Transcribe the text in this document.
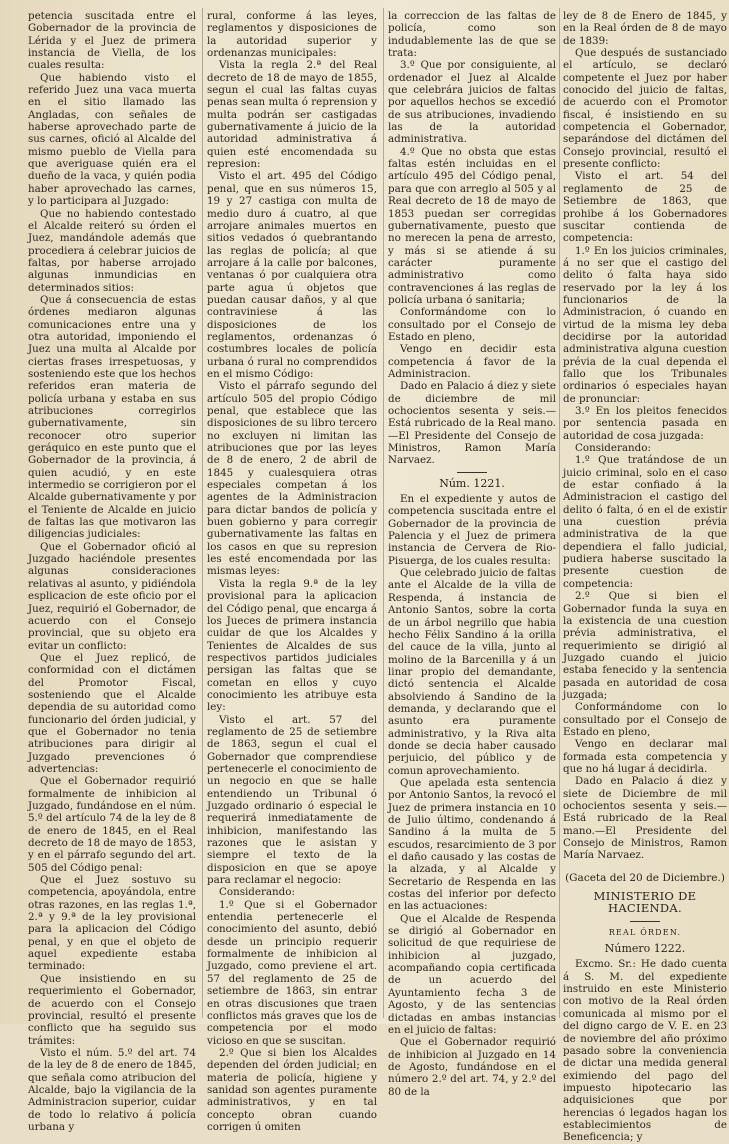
petencia suscitada entre el Gobernador de la provincia de Lérida y el Juez de primera instancia de Viella, de los cuales resulta:

Que habiendo visto el referido Juez una vaca muerta en el sitio llamado las Angladas, con señales de haberse aprovechado parte de sus carnes, ofició al Alcalde del mismo pueblo de Viella para que averiguase quién era el dueño de la vaca, y quién podia haber aprovechado las carnes, y lo participara al Juzgado:

Que no habiendo contestado el Alcalde reiteró su órden el Juez, mandándole además que procediera á celebrar juicios de faltas, por haberse arrojado algunas inmundicias en determinados sitios:

Que á consecuencia de estas órdenes mediaron algunas comunicaciones entre una y otra autoridad, imponiendo el Juez una multa al Alcalde por ciertas frases irrespetuosas, y sosteniendo este que los hechos referidos eran materia de policía urbana y estaba en sus atribuciones corregirlos gubernativamente, sin reconocer otro superior geráquico en este punto que el Gobernador de la provincia, á quien acudió, y en este intermedio se corrigieron por el Alcalde gubernativamente y por el Teniente de Alcalde en juicio de faltas las que motivaron las diligencias judiciales:

Que el Gobernador ofició al Juzgado haciéndole presentes algunas consideraciones relativas al asunto, y pidiéndola esplicacion de este oficio por el Juez, requirió el Gobernador, de acuerdo con el Consejo provincial, que su objeto era evitar un conflicto:

Que el Juez replicó, de conformidad con el dictámen del Promotor Fiscal, sosteniendo que el Alcalde dependia de su autoridad como funcionario del órden judicial, y que el Gobernador no tenia atribuciones para dirigir al Juzgado prevenciones ó advertencias:

Que el Gobernador requirió formalmente de inhibicion al Juzgado, fundándose en el núm. 5.º del artículo 74 de la ley de 8 de enero de 1845, en el Real decreto de 18 de mayo de 1853, y en el párrafo segundo del art. 505 del Código penal:

Que el Juez sostuvo su competencia, apoyándola, entre otras razones, en las reglas 1.ª, 2.ª y 9.ª de la ley provisional para la aplicacion del Código penal, y en que el objeto de aquel expediente estaba terminado:

Que insistiendo en su requerimiento el Gobernador, de acuerdo con el Consejo provincial, resultó el presente conflicto que ha seguido sus trámites:

Visto el núm. 5.º del art. 74 de la ley de 8 de enero de 1845, que señala como atribucion del Alcalde, bajo la vigilancia de la Administracion superior, cuidar de todo lo relativo á policía urbana y

rural, conforme á las leyes, reglamentos y disposiciones de la autoridad superior y ordenanzas municipales:

Vista la regla 2.ª del Real decreto de 18 de mayo de 1855, segun el cual las faltas cuyas penas sean multa ó reprension y multa podrán ser castigadas gubernativamente á juicio de la autoridad administrativa á quien esté encomendada su represion:

Visto el art. 495 del Código penal, que en sus números 15, 19 y 27 castiga con multa de medio duro á cuatro, al que arrojare animales muertos en sitios vedados ó quebrantando las reglas de policía; al que arrojare á la calle por balcones, ventanas ó por cualquiera otra parte agua ú objetos que puedan causar daños, y al que contraviniese á las disposiciones de los reglamentos, ordenanzas ó costumbres locales de policía urbana ó rural no comprendidos en el mismo Código:

Visto el párrafo segundo del artículo 505 del propio Código penal, que establece que las disposiciones de su libro tercero no excluyen ni limitan las atribuciones que por las leyes de 8 de enero, 2 de abril de 1845 y cualesquiera otras especiales competan á los agentes de la Administracion para dictar bandos de policía y buen gobierno y para corregir gubernativamente las faltas en los casos en que su represion les esté encomendada por las mismas leyes:

Vista la regla 9.ª de la ley provisional para la aplicacion del Código penal, que encarga á los Jueces de primera instancia cuidar de que los Alcaldes y Tenientes de Alcaldes de sus respectivos partidos judiciales persigan las faltas que se cometan en ellos y cuyo conocimiento les atribuye esta ley:

Visto el art. 57 del reglamento de 25 de setiembre de 1863, segun el cual el Gobernador que comprendiese pertenecerle el conocimiento de un negocio en que se halle entendiendo un Tribunal ó Juzgado ordinario ó especial le requerirá inmediatamente de inhibicion, manifestando las razones que le asistan y siempre el texto de la disposicion en que se apoye para reclamar el negocio:

Considerando:

1.º Que si el Gobernador entendia pertenecerle el conocimiento del asunto, debió desde un principio requerir formalmente de inhibicion al Juzgado, como previene el art. 57 del reglamento de 25 de setiembre de 1863, sin entrar en otras discusiones que traen conflictos más graves que los de competencia por el modo vicioso en que se suscitan.

2.º Que si bien los Alcaldes dependen del órden judicial; en materia de policía, higiene y sanidad son agentes puramente administrativos, y en tal concepto obran cuando corrigen ú omiten

la correccion de las faltas de policía, como son indudablemente las de que se trata:

3.º Que por consiguiente, al ordenador el Juez al Alcalde que celebrára juicios de faltas por aquellos hechos se excedió de sus atribuciones, invadiendo las de la autoridad administrativa.

4.º Que no obsta que estas faltas estén incluidas en el artículo 495 del Código penal, para que con arreglo al 505 y al Real decreto de 18 de mayo de 1853 puedan ser corregidas gubernativamente, puesto que no merecen la pena de arresto, y más si se atiende á su carácter puramente administrativo como contravenciones á las reglas de policía urbana ó sanitaria;

Conformándome con lo consultado por el Consejo de Estado en pleno,

Vengo en decidir esta competencia á favor de la Administracion.

Dado en Palacio á diez y siete de diciembre de mil ochocientos sesenta y seis.—Está rubricado de la Real mano.—El Presidente del Consejo de Ministros, Ramon María Narvaez.

Núm. 1221.

En el expediente y autos de competencia suscitada entre el Gobernador de la provincia de Palencia y el Juez de primera instancia de Cervera de Rio-Pisuerga, de los cuales resulta:

Que celebrado juicio de faltas ante el Alcalde de la villa de Respenda, á instancia de Antonio Santos, sobre la corta de un árbol negrillo que habia hecho Félix Sandino á la orilla del cauce de la villa, junto al molino de la Barcenilla y á un linar propio del demandante, dictó sentencia el Alcalde absolviendo á Sandino de la demanda, y declarando que el asunto era puramente administrativo, y la Riva alta donde se decia haber causado perjuicio, del público y de comun aprovechamiento.

Que apelada esta sentencia por Antonio Santos, la revocó el Juez de primera instancia en 10 de Julio último, condenando á Sandino á la multa de 5 escudos, resarcimiento de 3 por el daño causado y las costas de la alzada, y al Alcalde y Secretario de Respenda en las costas del inferior por defecto en las actuaciones:

Que el Alcalde de Respenda se dirigió al Gobernador en solicitud de que requiriese de inhibicion al juzgado, acompañando copia certificada de un acuerdo del Ayuntamiento fecha 3 de Agosto, y de las sentencias dictadas en ambas instancias en el juicio de faltas:

Que el Gobernador requirió de inhibicion al Juzgado en 14 de Agosto, fundándose en el número 2.º del art. 74, y 2.º del 80 de la

ley de 8 de Enero de 1845, y en la Real órden de 8 de mayo de 1839:

Que después de sustanciado el artículo, se declaró competente el Juez por haber conocido del juicio de faltas, de acuerdo con el Promotor fiscal, é insistiendo en su competencia el Gobernador, separándose del dictámen del Consejo provincial, resultó el presente conflicto:

Visto el art. 54 del reglamento de 25 de Setiembre de 1863, que prohibe á los Gobernadores suscitar contienda de competencia:

1.º En los juicios criminales, á no ser que el castigo del delito ó falta haya sido reservado por la ley á los funcionarios de la Administracion, ó cuando en virtud de la misma ley deba decidirse por la autoridad administrativa alguna cuestion prévia de la cual dependa el fallo que los Tribunales ordinarios ó especiales hayan de pronunciar:

3.º En los pleitos fenecidos por sentencia pasada en autoridad de cosa juzgada:

Considerando:

1.º Que tratándose de un juicio criminal, solo en el caso de estar confiado á la Administracion el castigo del delito ó falta, ó en el de existir una cuestion prévia administrativa de la que dependiera el fallo judicial, pudiera haberse suscitado la presente cuestion de competencia:

2.º Que si bien el Gobernador funda la suya en la existencia de una cuestion prévia administrativa, el requerimiento se dirigió al Juzgado cuando el juicio estaba fenecido y la sentencia pasada en autoridad de cosa juzgada;

Conformándome con lo consultado por el Consejo de Estado en pleno,

Vengo en declarar mal formada esta competencia y que no há lugar á decidirla.

Dado en Palacio á diez y siete de Diciembre de mil ochocientos sesenta y seis.—Está rubricado de la Real mano.—El Presidente del Consejo de Ministros, Ramon María Narvaez.

(Gaceta del 20 de Diciembre.)

MINISTERIO DE HACIENDA.

REAL ÓRDEN.

Número 1222.

Excmo. Sr.: He dado cuenta á S. M. del expediente instruido en este Ministerio con motivo de la Real órden comunicada al mismo por el del digno cargo de V. E. en 23 de noviembre del año próximo pasado sobre la conveniencia de dictar una medida general eximiendo del pago del impuesto hipotecario las adquisiciones que por herencias ó legados hagan los establecimientos de Beneficencia; y
